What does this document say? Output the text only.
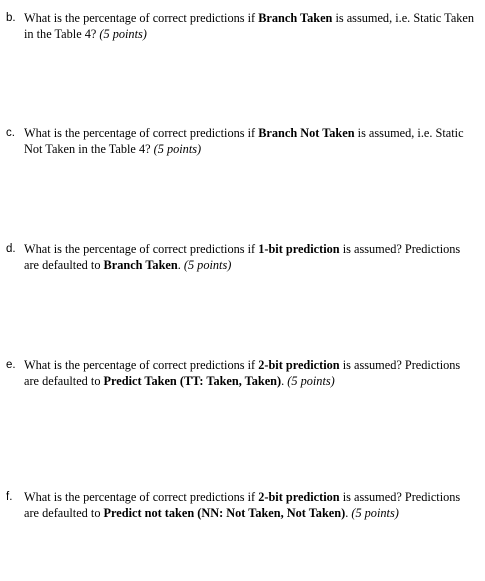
b. What is the percentage of correct predictions if Branch Taken is assumed, i.e. Static Taken in the Table 4? (5 points)
c. What is the percentage of correct predictions if Branch Not Taken is assumed, i.e. Static Not Taken in the Table 4? (5 points)
d. What is the percentage of correct predictions if 1-bit prediction is assumed? Predictions are defaulted to Branch Taken. (5 points)
e. What is the percentage of correct predictions if 2-bit prediction is assumed? Predictions are defaulted to Predict Taken (TT: Taken, Taken). (5 points)
f. What is the percentage of correct predictions if 2-bit prediction is assumed? Predictions are defaulted to Predict not taken (NN: Not Taken, Not Taken). (5 points)
